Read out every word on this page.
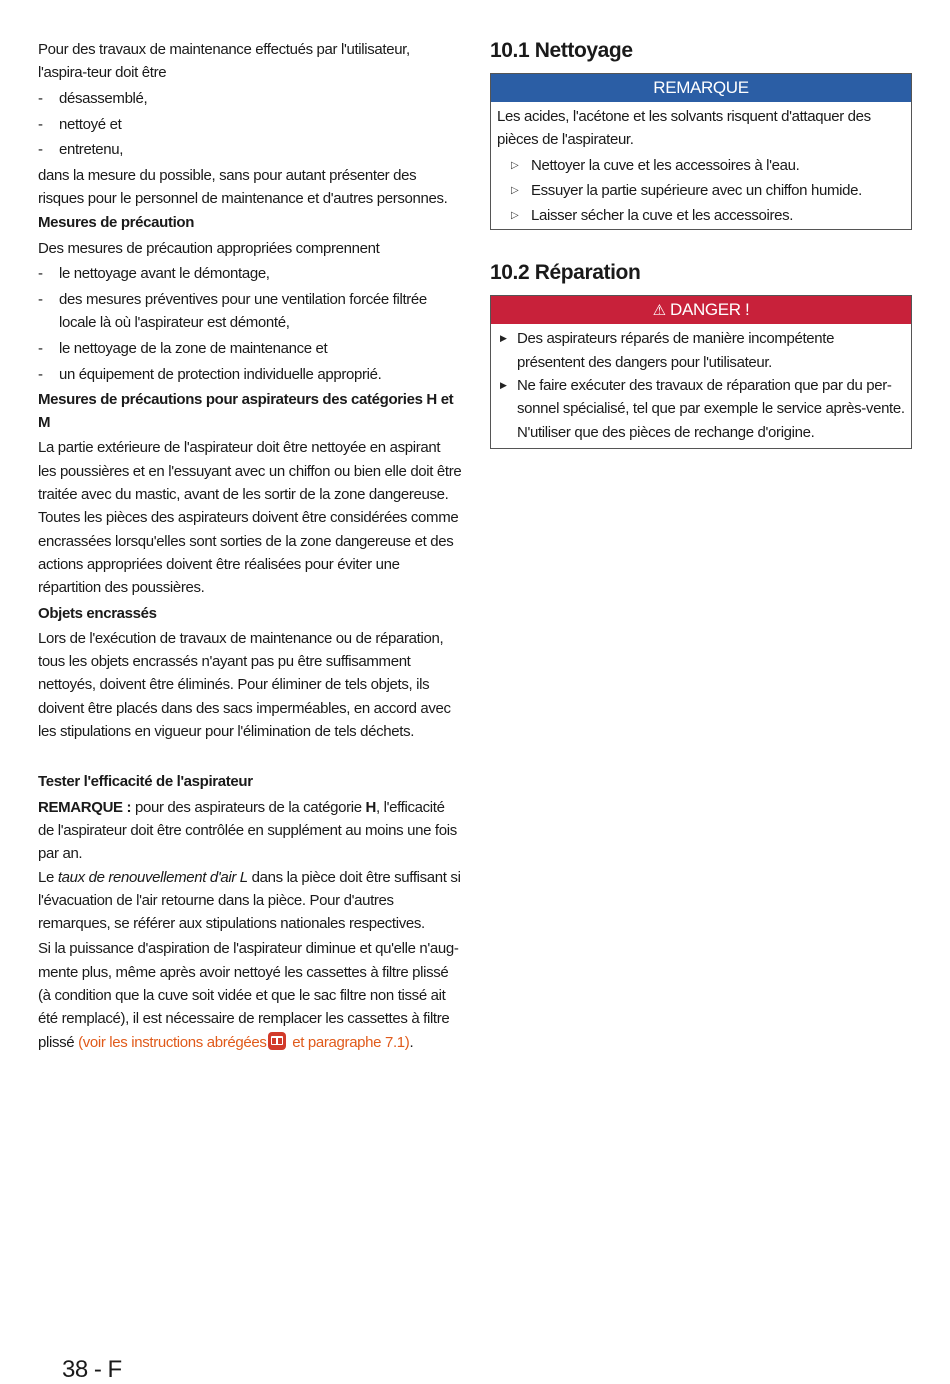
Pour des travaux de maintenance effectués par l'utilisateur, l'aspira-teur doit être

- désassemblé,
- nettoyé et
- entretenu,

dans la mesure du possible, sans pour autant présenter des risques pour le personnel de maintenance et d'autres personnes.

Mesures de précaution

Des mesures de précaution appropriées comprennent

- le nettoyage avant le démontage,
- des mesures préventives pour une ventilation forcée filtrée locale là où l'aspirateur est démonté,
- le nettoyage de la zone de maintenance et
- un équipement de protection individuelle approprié.

Mesures de précautions pour aspirateurs des catégories H et M

La partie extérieure de l'aspirateur doit être nettoyée en aspirant les poussières et en l'essuyant avec un chiffon ou bien elle doit être traitée avec du mastic, avant de les sortir de la zone dangereuse. Toutes les pièces des aspirateurs doivent être considérées comme encrassées lorsqu'elles sont sorties de la zone dangereuse et des actions appropriées doivent être réalisées pour éviter une répartition des poussières.

Objets encrassés

Lors de l'exécution de travaux de maintenance ou de réparation, tous les objets encrassés n'ayant pas pu être suffisamment nettoyés, doivent être éliminés. Pour éliminer de tels objets, ils doivent être placés dans des sacs imperméables, en accord avec les stipulations en vigueur pour l'élimination de tels déchets.

Tester l'efficacité de l'aspirateur

REMARQUE : pour des aspirateurs de la catégorie H, l'efficacité de l'aspirateur doit être contrôlée en supplément au moins une fois par an.

Le taux de renouvellement d'air L dans la pièce doit être suffisant si l'évacuation de l'air retourne dans la pièce. Pour d'autres remarques, se référer aux stipulations nationales respectives.

Si la puissance d'aspiration de l'aspirateur diminue et qu'elle n'aug-mente plus, même après avoir nettoyé les cassettes à filtre plissé (à condition que la cuve soit vidée et que le sac filtre non tissé ait été remplacé), il est nécessaire de remplacer les cassettes à filtre plissé (voir les instructions abrégées et paragraphe 7.1).

10.1 Nettoyage
REMARQUE

Les acides, l'acétone et les solvants risquent d'attaquer des pièces de l'aspirateur.

▷ Nettoyer la cuve et les accessoires à l'eau.
▷ Essuyer la partie supérieure avec un chiffon humide.
▷ Laisser sécher la cuve et les accessoires.
10.2 Réparation
⚠ DANGER !
▶ Des aspirateurs réparés de manière incompétente présentent des dangers pour l'utilisateur.
▶ Ne faire exécuter des travaux de réparation que par du per-sonnel spécialisé, tel que par exemple le service après-vente. N'utiliser que des pièces de rechange d'origine.
38 - F
